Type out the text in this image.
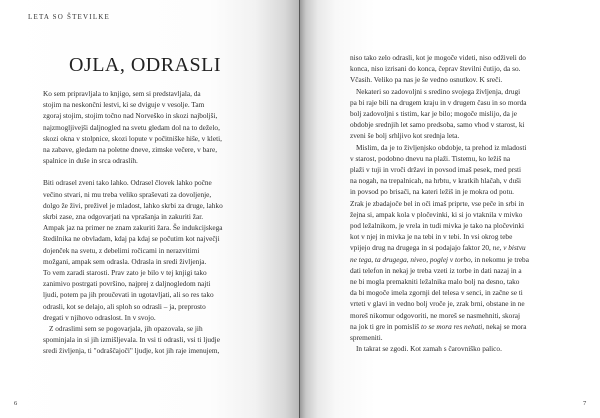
LETA SO ŠTEVILKE
OJLA, ODRASLI
Ko sem pripravljala to knjigo, sem si predstavljala, da
stojim na neskončni lestvi, ki se dviguje v vesolje. Tam
zgoraj stojim, stojim točno nad Norveško in skozi najboljši,
najzmogljivejši daljnogled na svetu gledam dol na to deželo,
skozi okna v stolpnice, skozi lopute v počitniške hiše, v kleti,
na zabave, gledam na poletne dneve, zimske večere, v bare,
spalnice in duše in srca odraslih.
Biti odrasel zveni tako lahko. Odrasel človek lahko počne
večino stvari, ni mu treba veliko spraševati za dovoljenje,
dolgo že živi, preživel je mladost, lahko skrbi za druge, lahko
skrbi zase, zna odgovarjati na vprašanja in zakuriti žar.
Ampak jaz na primer ne znam zakuriti žara. Še indukcijskega
štedilnika ne obvladam, kdaj pa kdaj se počutim kot največji
dojenček na svetu, z debelimi ročicami in nerazvitimi
možgani, ampak sem odrasla. Odrasla in sredi življenja.
To vem zaradi starosti. Prav zato je bilo v tej knjigi tako
zanimivo postrgati površino, najprej z daljnogledom najti
ljudi, potem pa jih proučevati in ugotavljati, ali so res tako
odrasli, kot se delajo, ali sploh so odrasli – ja, preprosto
dregati v njihovo odraslost. In v svojo.
Z odraslimi sem se pogovarjala, jih opazovala, se jih
spominjala in si jih izmišljevala. In vsi ti odrasli, vsi ti ljudje
sredi življenja, ti "odraščajoči" ljudje, kot jih raje imenujem,
6
niso tako zelo odrasli, kot je mogoče videti, niso odživeli do
konca, niso izrisani do konca, čeprav številni čutijo, da so.
Včasih. Veliko pa nas je še vedno osnutkov. K sreči.
Nekateri so zadovoljni s sredino svojega življenja, drugi
pa bi raje bili na drugem kraju in v drugem času in so morda
bolj zadovoljni s tistim, kar je bilo; mogoče mislijo, da je
obdobje srednjih let samo predsoba, samo vhod v starost, ki
zveni še bolj srhljivo kot srednja leta.
Mislim, da je to življenjsko obdobje, ta prehod iz mladosti
v starost, podobno dnevu na plaži. Tistemu, ko ležiš na
plaži v tuji in vroči državi in povsod imaš pesek, med prsti
na nogah, na trepalnicah, na hrbtu, v kratkih hlačah, v duši
in povsod po brisači, na kateri ležiš in je mokra od potu.
Zrak je zbadajoče bel in oči imaš priprte, vse peče in srbi in
žejna si, ampak kola v pločevinki, ki si jo vtaknila v mivko
pod ležalnikom, je vrela in tudi mivka je tako na pločevinki
kot v njej in mivka je na tebi in v tebi. In vsi okrog tebe
vpijejo drug na drugega in si podajajo faktor 20, ne, v bistvu
ne tega, ta drugega, niveo, poglej v torbo, in nekomu je treba
dati telefon in nekaj je treba vzeti iz torbe in dati nazaj in a
ne bi mogla premakniti ležalnika malo bolj na desno, tako
da bi mogoče imela zgornji del telesa v senci, in začne se ti
vrteti v glavi in vedno bolj vroče je, zrak brni, obstane in ne
moreš nikomur odgovoriti, ne moreš se nasmehniti, skoraj
na jok ti gre in pomisliš to se mora res nehati, nekaj se mora
spremeniti.
In takrat se zgodi. Kot zamah s čarovniško palico.
7
